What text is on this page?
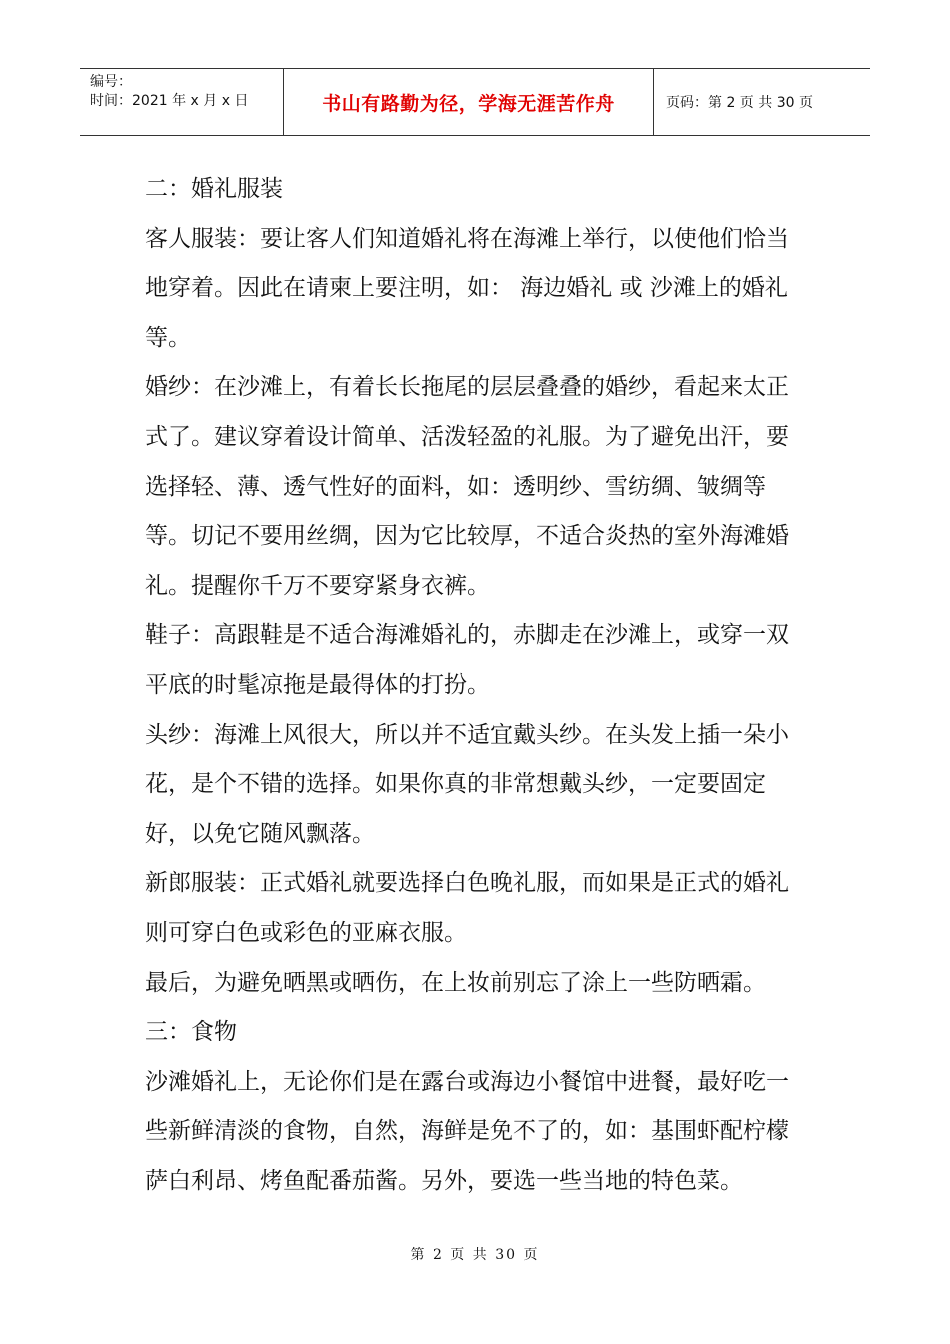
编号：
时间：2021 年 x 月 x 日	书山有路勤为径，学海无涯苦作舟	页码：第 2 页 共 30 页

二：婚礼服装

客人服装：要让客人们知道婚礼将在海滩上举行，以使他们恰当地穿着。因此在请柬上要注明，如： 海边婚礼 或 沙滩上的婚礼 等。

婚纱：在沙滩上，有着长长拖尾的层层叠叠的婚纱，看起来太正式了。建议穿着设计简单、活泼轻盈的礼服。为了避免出汗，要选择轻、薄、透气性好的面料，如：透明纱、雪纺绸、皱绸等等。切记不要用丝绸，因为它比较厚，不适合炎热的室外海滩婚礼。提醒你千万不要穿紧身衣裤。

鞋子：高跟鞋是不适合海滩婚礼的，赤脚走在沙滩上，或穿一双平底的时髦凉拖是最得体的打扮。

头纱：海滩上风很大，所以并不适宜戴头纱。在头发上插一朵小花，是个不错的选择。如果你真的非常想戴头纱，一定要固定好，以免它随风飘落。

新郎服装：正式婚礼就要选择白色晚礼服，而如果是正式的婚礼则可穿白色或彩色的亚麻衣服。

最后，为避免晒黑或晒伤，在上妆前别忘了涂上一些防晒霜。

三：食物

沙滩婚礼上，无论你们是在露台或海边小餐馆中进餐，最好吃一些新鲜清淡的食物，自然，海鲜是免不了的，如：基围虾配柠檬萨白利昂、烤鱼配番茄酱。另外，要选一些当地的特色菜。

第 2 页 共 30 页
